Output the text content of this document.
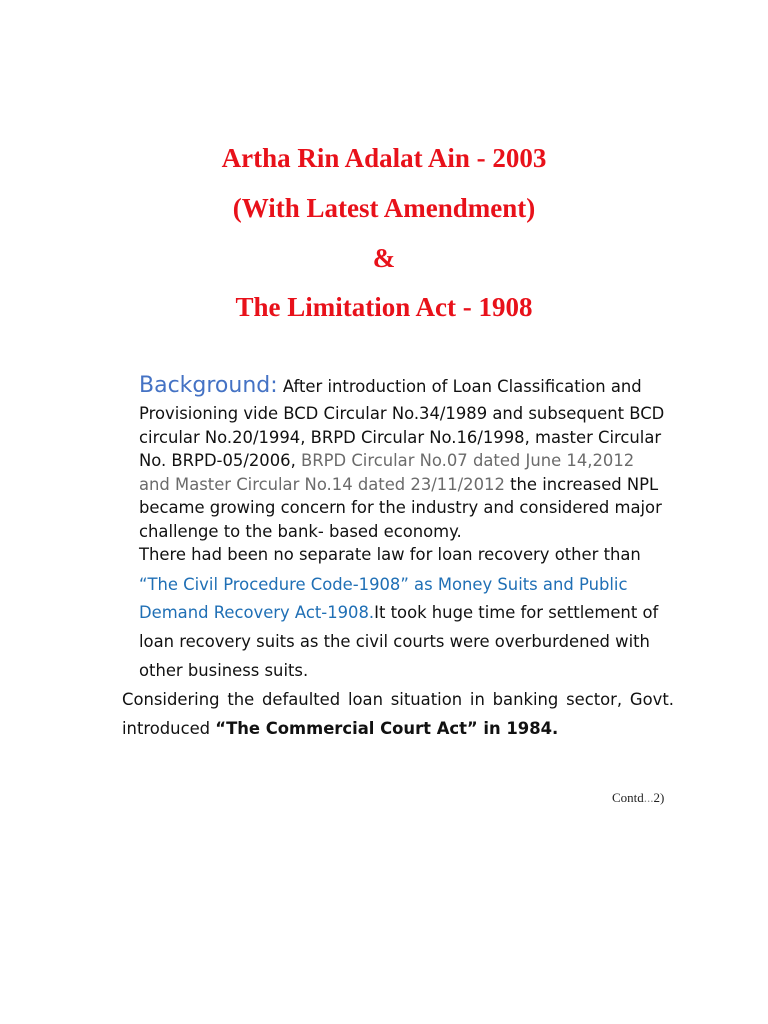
Artha Rin Adalat Ain - 2003
(With Latest Amendment)
&
The Limitation Act - 1908
Background: After introduction of Loan Classification and
Provisioning vide BCD Circular No.34/1989 and subsequent BCD
circular No.20/1994, BRPD Circular No.16/1998, master Circular
No. BRPD-05/2006, BRPD Circular No.07 dated June 14,2012
and Master Circular No.14 dated 23/11/2012 the increased NPL
became growing concern for the industry and considered major
challenge to the bank- based economy.
There had been no separate law for loan recovery other than
“The Civil Procedure Code-1908” as Money Suits and Public
Demand Recovery Act-1908.It took huge time for settlement of
loan recovery suits as the civil courts were overburdened with
other business suits.
Considering the defaulted loan situation in banking sector, Govt.
introduced “The Commercial Court Act” in 1984.
Contd...2)
